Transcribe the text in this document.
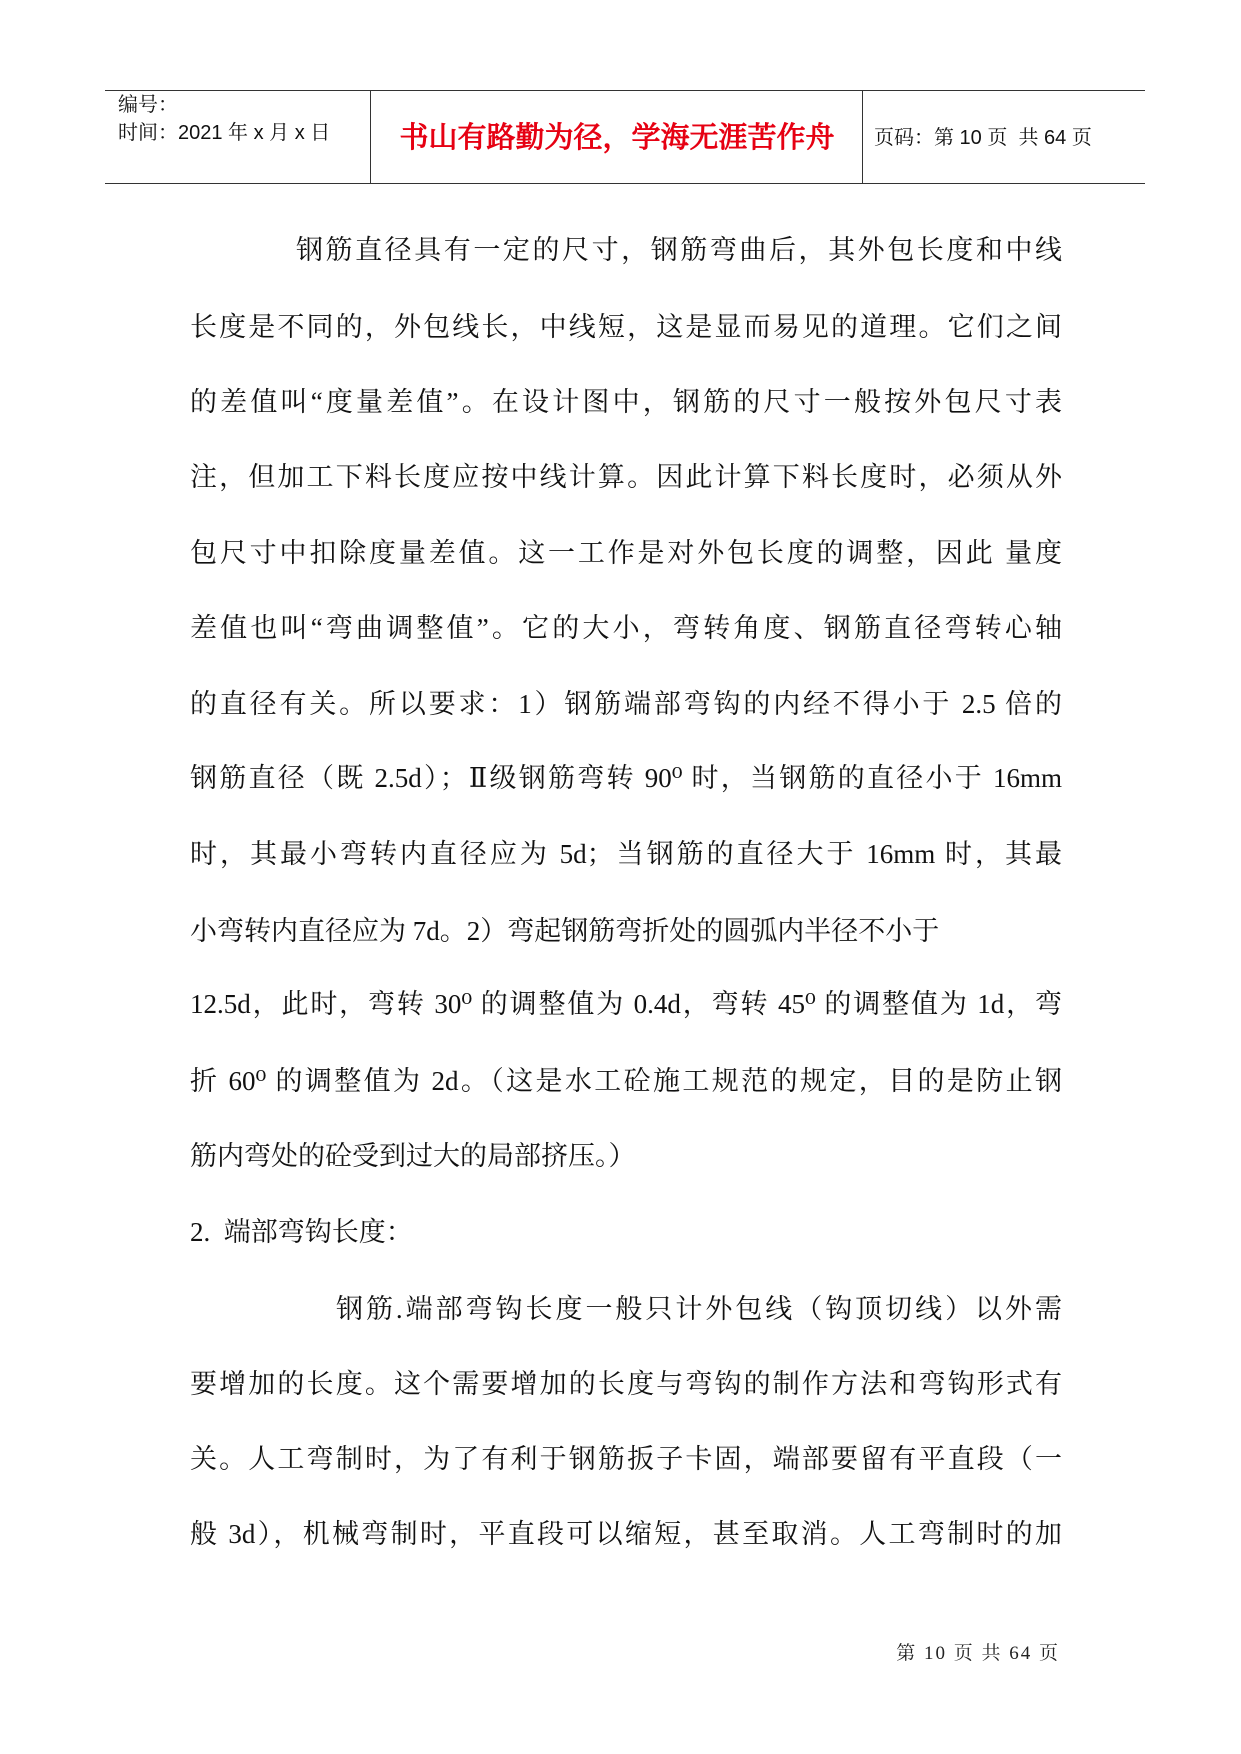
编号：
时间：2021 年 x 月 x 日	书山有路勤为径，学海无涯苦作舟	页码：第 10 页  共 64 页
钢筋直径具有一定的尺寸，钢筋弯曲后，其外包长度和中线
长度是不同的，外包线长，中线短，这是显而易见的道理。它们之间
的差值叫“度量差值”。在设计图中，钢筋的尺寸一般按外包尺寸表
注，但加工下料长度应按中线计算。因此计算下料长度时，必须从外
包尺寸中扣除度量差值。这一工作是对外包长度的调整，因此 量度
差值也叫“弯曲调整值”。它的大小，弯转角度、钢筋直径弯转心轴
的直径有关。所以要求：1）钢筋端部弯钩的内经不得小于 2.5 倍的
钢筋直径（既 2.5d）；Ⅱ级钢筋弯转 90⁰ 时，当钢筋的直径小于 16mm
时，其最小弯转内直径应为 5d；当钢筋的直径大于 16mm 时，其最
小弯转内直径应为 7d。2）弯起钢筋弯折处的圆弧内半径不小于
12.5d，此时，弯转 30⁰ 的调整值为 0.4d，弯转 45⁰ 的调整值为 1d，弯
折 60⁰ 的调整值为 2d。（这是水工砼施工规范的规定，目的是防止钢
筋内弯处的砼受到过大的局部挤压。）
2.  端部弯钩长度：
钢筋.端部弯钩长度一般只计外包线（钩顶切线）以外需
要增加的长度。这个需要增加的长度与弯钩的制作方法和弯钩形式有
关。人工弯制时，为了有利于钢筋扳子卡固，端部要留有平直段（一
般 3d），机械弯制时，平直段可以缩短，甚至取消。人工弯制时的加
第 10 页 共 64 页
